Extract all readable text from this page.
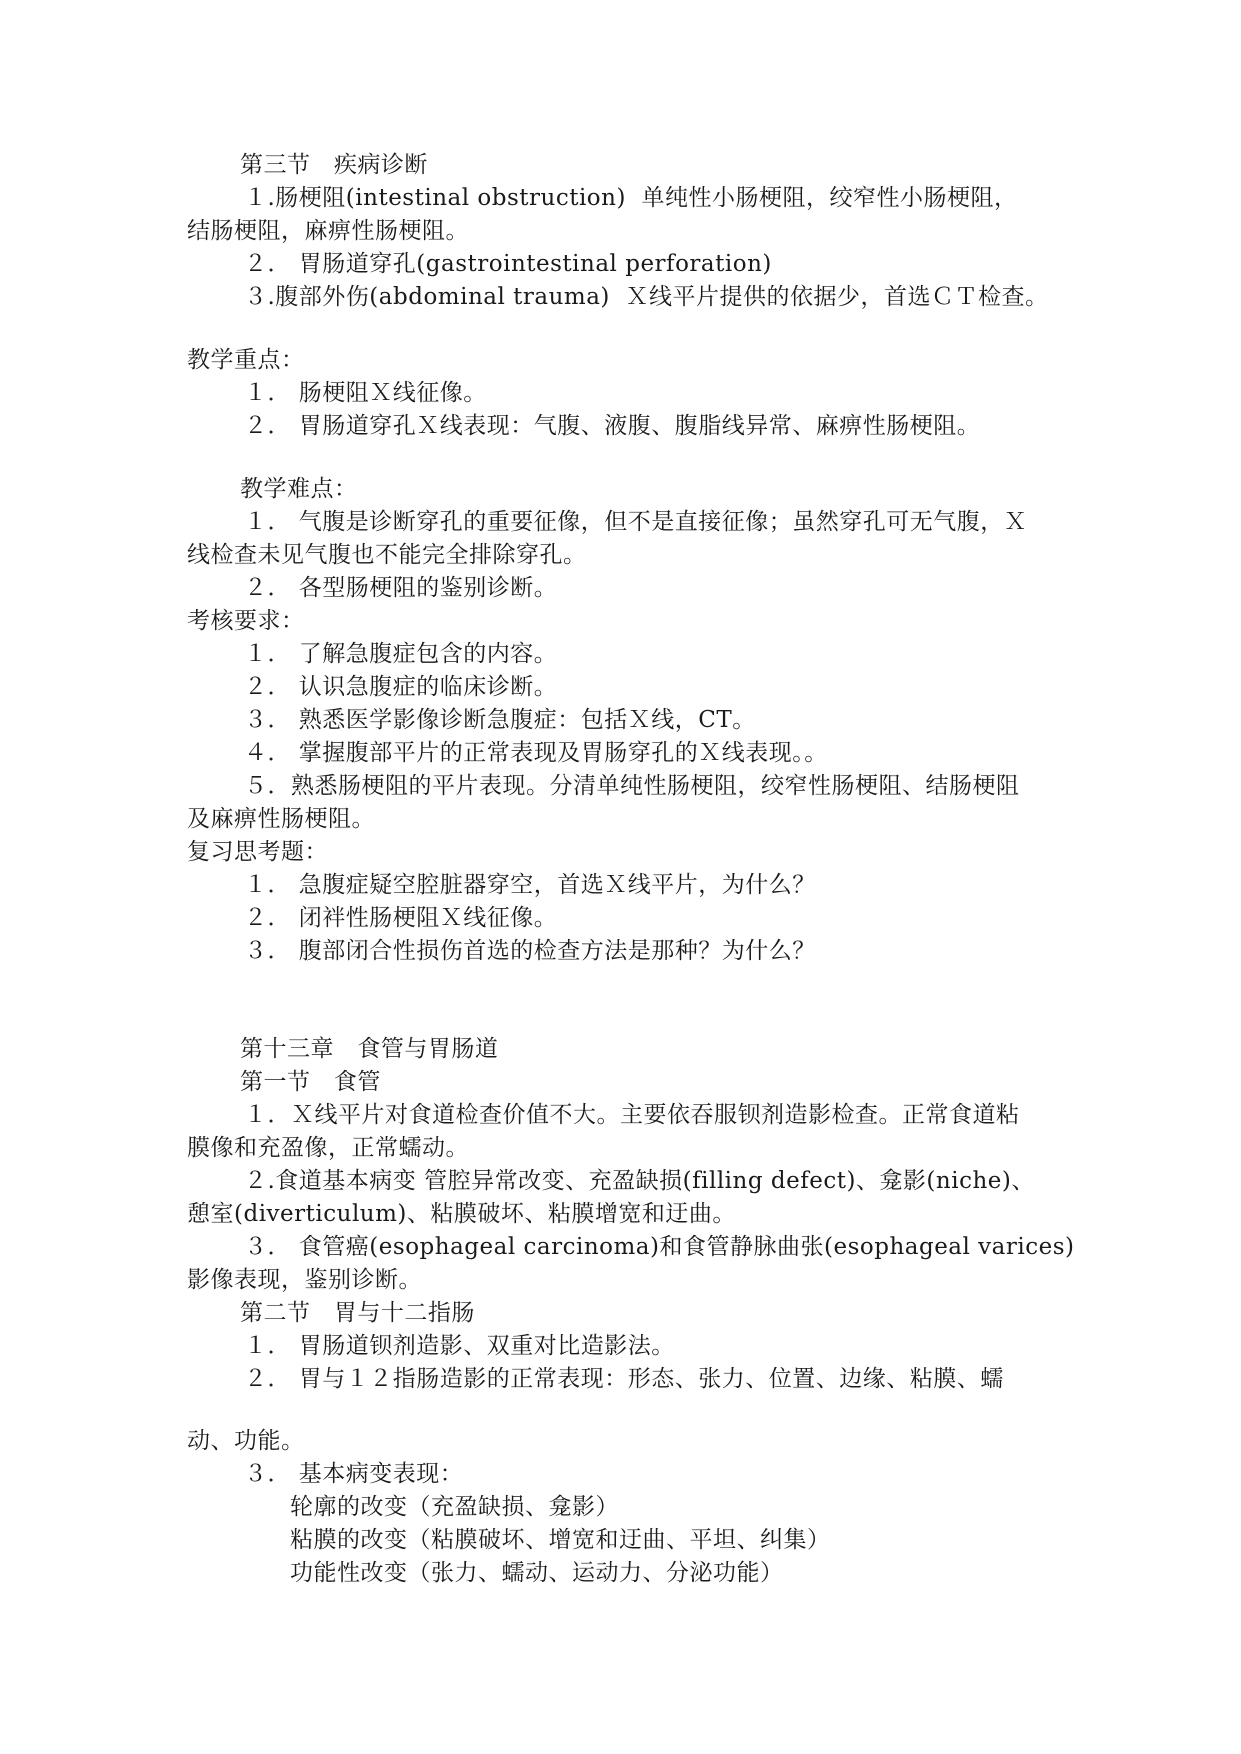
第三节   疾病诊断
１.肠梗阻(intestinal obstruction)  单纯性小肠梗阻，绞窄性小肠梗阻，
结肠梗阻，麻痹性肠梗阻。
２． 胃肠道穿孔(gastrointestinal perforation)
３.腹部外伤(abdominal trauma)  Ｘ线平片提供的依据少，首选ＣＴ检查。
教学重点：
１． 肠梗阻Ｘ线征像。
２． 胃肠道穿孔Ｘ线表现：气腹、液腹、腹脂线异常、麻痹性肠梗阻。
教学难点：
１． 气腹是诊断穿孔的重要征像，但不是直接征像；虽然穿孔可无气腹，Ｘ
线检查未见气腹也不能完全排除穿孔。
２． 各型肠梗阻的鉴别诊断。
考核要求：
１． 了解急腹症包含的内容。
２． 认识急腹症的临床诊断。
３． 熟悉医学影像诊断急腹症：包括Ｘ线，CT。
４． 掌握腹部平片的正常表现及胃肠穿孔的Ｘ线表现。。
５．熟悉肠梗阻的平片表现。分清单纯性肠梗阻，绞窄性肠梗阻、结肠梗阻
及麻痹性肠梗阻。
复习思考题：
１． 急腹症疑空腔脏器穿空，首选Ｘ线平片，为什么？
２． 闭袢性肠梗阻Ｘ线征像。
３． 腹部闭合性损伤首选的检查方法是那种？为什么？
第十三章   食管与胃肠道
第一节   食管
１．Ｘ线平片对食道检查价值不大。主要依吞服钡剂造影检查。正常食道粘
膜像和充盈像，正常蠕动。
２.食道基本病变 管腔异常改变、充盈缺损(filling defect)、龛影(niche)、
憩室(diverticulum)、粘膜破坏、粘膜增宽和迂曲。
３． 食管癌(esophageal carcinoma)和食管静脉曲张(esophageal varices)
影像表现，鉴别诊断。
第二节   胃与十二指肠
１． 胃肠道钡剂造影、双重对比造影法。
２． 胃与１２指肠造影的正常表现：形态、张力、位置、边缘、粘膜、蠕
动、功能。
３． 基本病变表现：
轮廓的改变（充盈缺损、龛影）
粘膜的改变（粘膜破坏、增宽和迂曲、平坦、纠集）
功能性改变（张力、蠕动、运动力、分泌功能）
